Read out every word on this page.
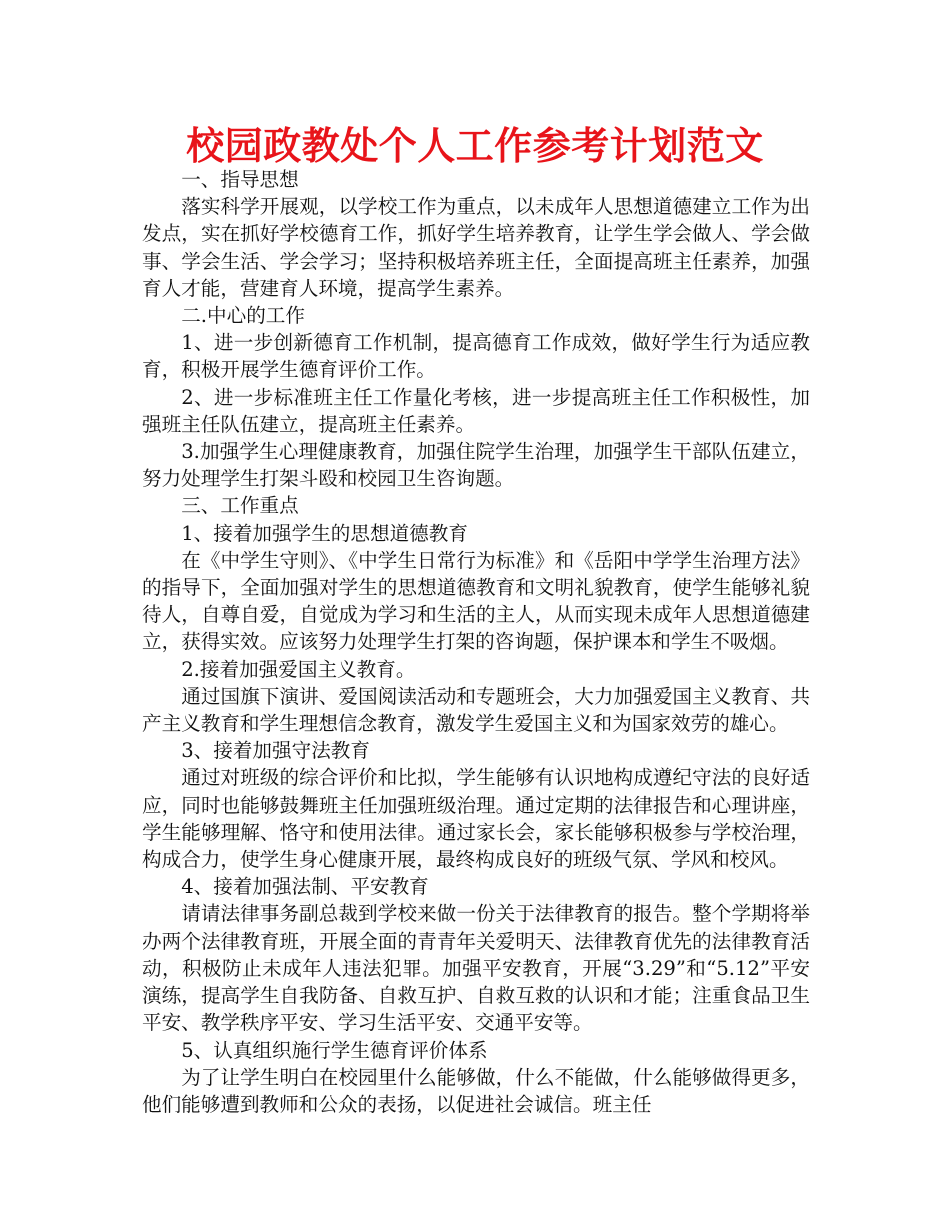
校园政教处个人工作参考计划范文

一、指导思想

落实科学开展观，以学校工作为重点，以未成年人思想道德建立工作为出发点，实在抓好学校德育工作，抓好学生培养教育，让学生学会做人、学会做事、学会生活、学会学习；坚持积极培养班主任，全面提高班主任素养，加强育人才能，营建育人环境，提高学生素养。

二.中心的工作

1、进一步创新德育工作机制，提高德育工作成效，做好学生行为适应教育，积极开展学生德育评价工作。

2、进一步标准班主任工作量化考核，进一步提高班主任工作积极性，加强班主任队伍建立，提高班主任素养。

3.加强学生心理健康教育，加强住院学生治理，加强学生干部队伍建立，努力处理学生打架斗殴和校园卫生咨询题。

三、工作重点

1、接着加强学生的思想道德教育

在《中学生守则》、《中学生日常行为标准》和《岳阳中学学生治理方法》的指导下，全面加强对学生的思想道德教育和文明礼貌教育，使学生能够礼貌待人，自尊自爱，自觉成为学习和生活的主人，从而实现未成年人思想道德建立，获得实效。应该努力处理学生打架的咨询题，保护课本和学生不吸烟。

2.接着加强爱国主义教育。

通过国旗下演讲、爱国阅读活动和专题班会，大力加强爱国主义教育、共产主义教育和学生理想信念教育，激发学生爱国主义和为国家效劳的雄心。

3、接着加强守法教育

通过对班级的综合评价和比拟，学生能够有认识地构成遵纪守法的良好适应，同时也能够鼓舞班主任加强班级治理。通过定期的法律报告和心理讲座，学生能够理解、恪守和使用法律。通过家长会，家长能够积极参与学校治理，构成合力，使学生身心健康开展，最终构成良好的班级气氛、学风和校风。

4、接着加强法制、平安教育

请请法律事务副总裁到学校来做一份关于法律教育的报告。整个学期将举办两个法律教育班，开展全面的青青年关爱明天、法律教育优先的法律教育活动，积极防止未成年人违法犯罪。加强平安教育，开展“3.29”和“5.12”平安演练，提高学生自我防备、自救互护、自救互救的认识和才能；注重食品卫生平安、教学秩序平安、学习生活平安、交通平安等。

5、认真组织施行学生德育评价体系

为了让学生明白在校园里什么能够做，什么不能做，什么能够做得更多，他们能够遭到教师和公众的表扬，以促进社会诚信。班主任
